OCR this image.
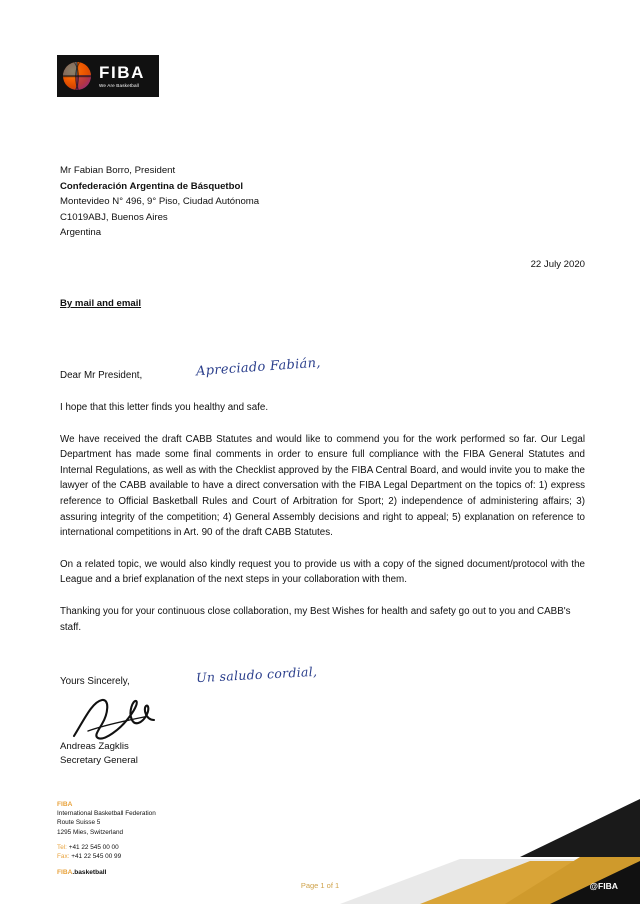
FIBA
We Are Basketball
Mr Fabian Borro, President
Confederación Argentina de Básquetbol
Montevideo N° 496, 9° Piso, Ciudad Autónoma
C1019ABJ, Buenos Aires
Argentina
22 July 2020
By mail and email
Dear Mr President,	Apreciado Fabián,

I hope that this letter finds you healthy and safe.

We have received the draft CABB Statutes and would like to commend you for the work performed so far. Our Legal Department has made some final comments in order to ensure full compliance with the FIBA General Statutes and Internal Regulations, as well as with the Checklist approved by the FIBA Central Board, and would invite you to make the lawyer of the CABB available to have a direct conversation with the FIBA Legal Department on the topics of: 1) express reference to Official Basketball Rules and Court of Arbitration for Sport; 2) independence of administering affairs; 3) assuring integrity of the competition; 4) General Assembly decisions and right to appeal; 5) explanation on reference to international competitions in Art. 90 of the draft CABB Statutes.

On a related topic, we would also kindly request you to provide us with a copy of the signed document/protocol with the League and a brief explanation of the next steps in your collaboration with them.

Thanking you for your continuous close collaboration, my Best Wishes for health and safety go out to you and CABB's staff.

Yours Sincerely,	Un saludo cordial,
Andreas Zagklis
Secretary General
FIBA
International Basketball Federation
Route Suisse 5
1295 Mies, Switzerland
Tel: +41 22 545 00 00
Fax: +41 22 545 00 99
FIBA.basketball
Page 1 of 1	@FIBA
